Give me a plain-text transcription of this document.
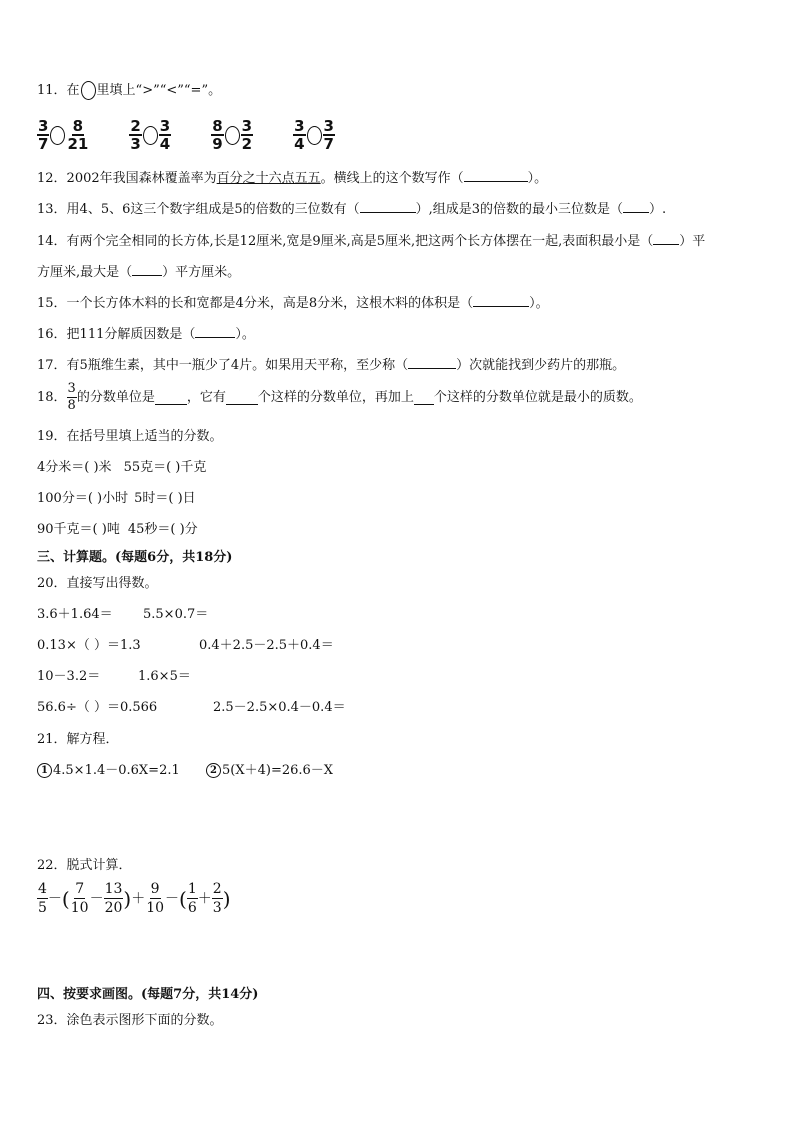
11．在 里填上“>”“<”“=”。
$\frac{3}{7} \frac{8}{21}$	$\frac{2}{3} \frac{3}{4}$	$\frac{8}{9} \frac{3}{2}$	$\frac{3}{4} \frac{3}{7}$
12．2002年我国森林覆盖率为百分之十六点五五。横线上的这个数写作（	）。
13．用4、5、6这三个数字组成是5的倍数的三位数有（	）,组成是3的倍数的最小三位数是（ ）.
14．有两个完全相同的长方体,长是12厘米,宽是9厘米,高是5厘米,把这两个长方体摆在一起,表面积最小是（ ）平
方厘米,最大是（ ）平方厘米。
15．一个长方体木料的长和宽都是4分米，高是8分米，这根木料的体积是（	）。
16．把111分解质因数是（	）。
17．有5瓶维生素，其中一瓶少了4片。如果用天平称，至少称（	）次就能找到少药片的那瓶。
18． $\frac{3}{8}$ 的分数单位是 ，它有 个这样的分数单位，再加上 个这样的分数单位就是最小的质数。
19．在括号里填上适当的分数。
4分米＝( )米 55克＝( )千克
100分＝( )小时 5时＝( )日
90千克＝( )吨 45秒＝( )分
三、计算题。(每题6分，共18分)
20．直接写出得数。
3.6＋1.64＝ 5.5×0.7＝
0.13×（ ）＝1.3	0.4＋2.5－2.5＋0.4＝
10－3.2＝	1.6×5＝
56.6÷（ ）＝0.566	2.5－2.5×0.4－0.4＝
21．解方程．
1 4.5×1.4－0.6X=2.1	2 5(X＋4)=26.6－X
22．脱式计算．
$\frac{4}{5}$ － ( $\frac{7}{10} - \frac{13}{20}$ ) ＋ $\frac{9}{10}$ － ( $\frac{1}{6} + \frac{2}{3}$ )
四、按要求画图。(每题7分，共14分)
23．涂色表示图形下面的分数。
